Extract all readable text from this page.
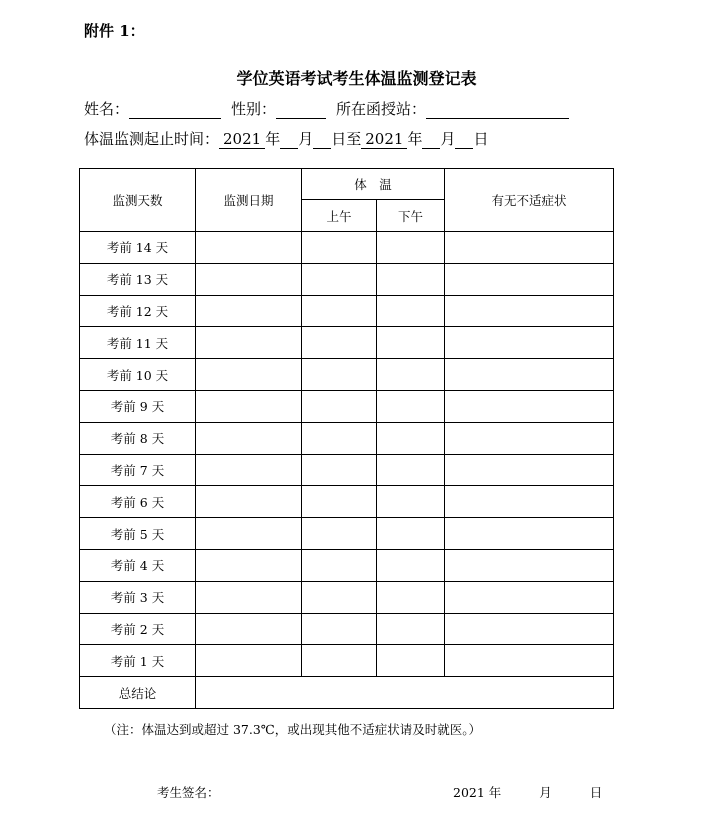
附件 1：
学位英语考试考生体温监测登记表
姓名：	性别：	所在函授站：
体温监测起止时间： 2021 年 月 日至 2021 年 月 日
监测天数	监测日期	体　温		有无不适症状
		上午	下午	
考前 14 天				
考前 13 天				
考前 12 天				
考前 11 天				
考前 10 天				
考前 9 天				
考前 8 天				
考前 7 天				
考前 6 天				
考前 5 天				
考前 4 天				
考前 3 天				
考前 2 天				
考前 1 天				
总结论				
（注：体温达到或超过 37.3℃，或出现其他不适症状请及时就医。）
考生签名：	2021 年	月	日
